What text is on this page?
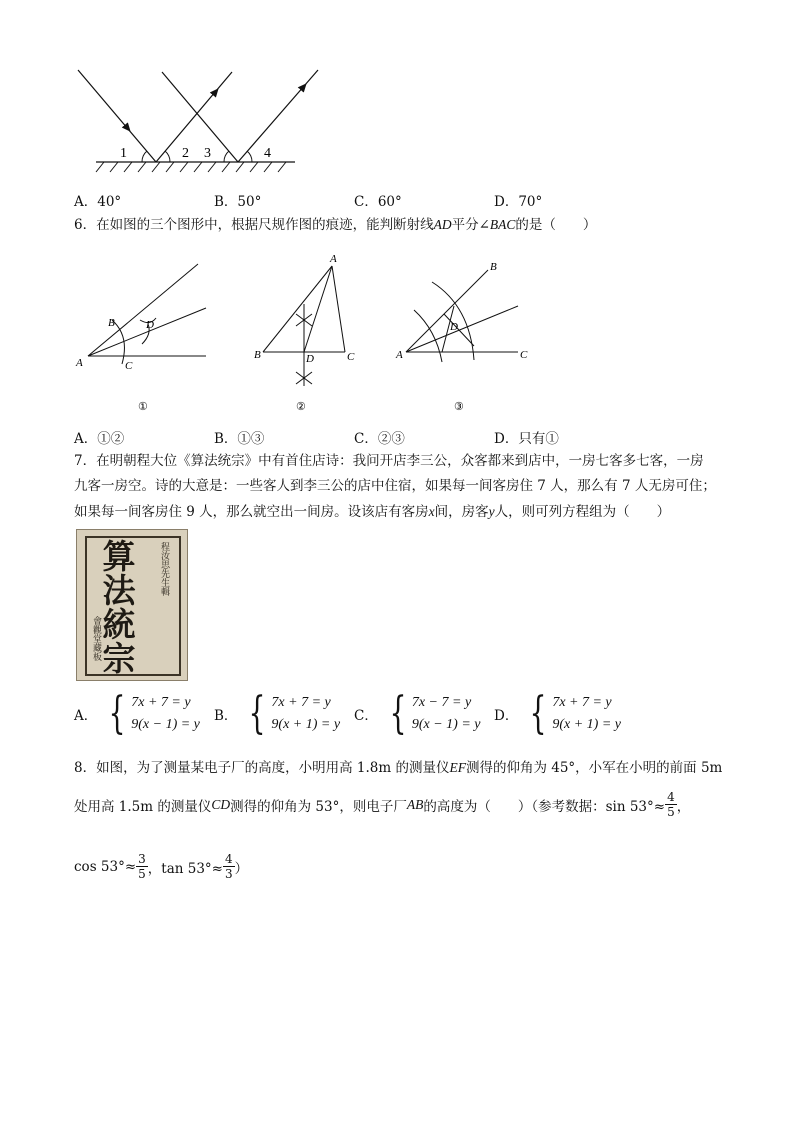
1	2 3	4
A．40°	B．50°	C．60°	D．70°
6．在如图的三个图形中，根据尺规作图的痕迹，能判断射线AD平分∠BAC的是（　　）
A
B
C
D
①
A
B	C
D
②
A
B
C
D
③
A．①②	B．①③	C．②③	D．只有①
7．在明朝程大位《算法统宗》中有首住店诗：我问开店李三公，众客都来到店中，一房七客多七客，一房
九客一房空。诗的大意是：一些客人到李三公的店中住宿，如果每一间客房住 7 人，那么有 7 人无房可住；
如果每一间客房住 9 人，那么就空出一间房。设该店有客房x间，房客y人，则可列方程组为（　　）
算
法
統
宗
程汝思先生輯
會觀堂藏板
A． { 7x + 7 = y
9(x − 1) = y
B． { 7x + 7 = y
9(x + 1) = y
C． { 7x − 7 = y
9(x − 1) = y
D． { 7x + 7 = y
9(x + 1) = y
8．如图，为了测量某电子厂的高度，小明用高 1.8m 的测量仪EF测得的仰角为 45°，小军在小明的前面 5m
处用高 1.5m 的测量仪 CD 测得的仰角为 53°，则电子厂 AB 的高度为（　　）（参考数据：$\sin 53^\circ\approx \frac{4}{5}$ ，
$\cos 53^\circ\approx \frac{3}{5}$ ，$\tan 53^\circ\approx \frac{4}{3}$ ）
